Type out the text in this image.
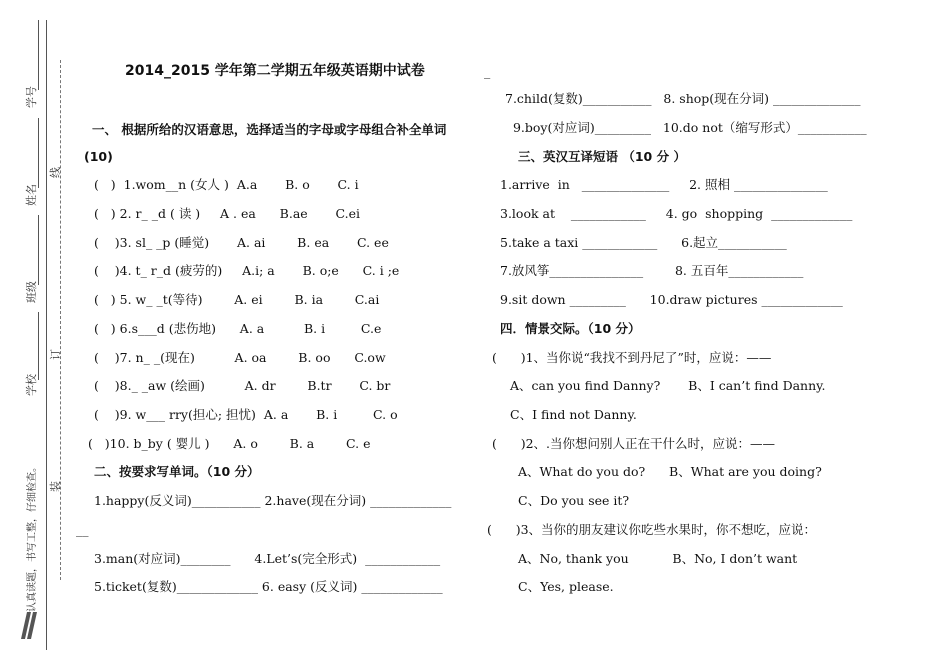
学号
姓名
班级
学校
线
订
装
认真读题，书写工整，仔细检查。
2014_2015 学年第二学期五年级英语期中试卷	_
一、 根据所给的汉语意思，选择适当的字母或字母组合补全单词
(10)
(   )  1.wom__n (女人 )  A.a       B. o       C. i
(   ) 2. r_ _d ( 读 )     A . ea      B.ae       C.ei
(    )3. sl_ _p (睡觉)       A. ai        B. ea       C. ee
(    )4. t_ r_d (疲劳的)     A.i; a       B. o;e      C. i ;e
(   ) 5. w_ _t(等待)        A. ei        B. ia        C.ai
(   ) 6.s___d (悲伤地)      A. a          B. i         C.e
(    )7. n_ _(现在)          A. oa        B. oo      C.ow
(    )8._ _aw (绘画)          A. dr        B.tr       C. br
(    )9. w___ rry(担心; 担忧)  A. a       B. i         C. o
(   )10. b_by ( 婴儿 )      A. o        B. a        C. e
二、按要求写单词。（10 分）
1.happy(反义词)___________ 2.have(现在分词) _____________
__
3.man(对应词)________      4.Let’s(完全形式)  ____________
5.ticket(复数)_____________ 6. easy (反义词) _____________
7.child(复数)___________   8. shop(现在分词) ______________
9.boy(对应词)_________   10.do not（缩写形式）___________
三、英汉互译短语 （10 分 ）
1.arrive  in   ______________     2. 照相 _______________
3.look at    ____________     4. go  shopping  _____________
5.take a taxi ____________      6.起立___________
7.放风筝_______________        8. 五百年____________
9.sit down _________      10.draw pictures _____________
四．情景交际。（10 分）
(      )1、当你说“我找不到丹尼了”时，应说：——
A、can you find Danny?       B、I can’t find Danny.
C、I find not Danny.
(      )2、.当你想问别人正在干什么时，应说：——
A、What do you do?      B、What are you doing?
C、Do you see it?
(      )3、当你的朋友建议你吃些水果时，你不想吃，应说：
A、No, thank you           B、No, I don’t want
C、Yes, please.
